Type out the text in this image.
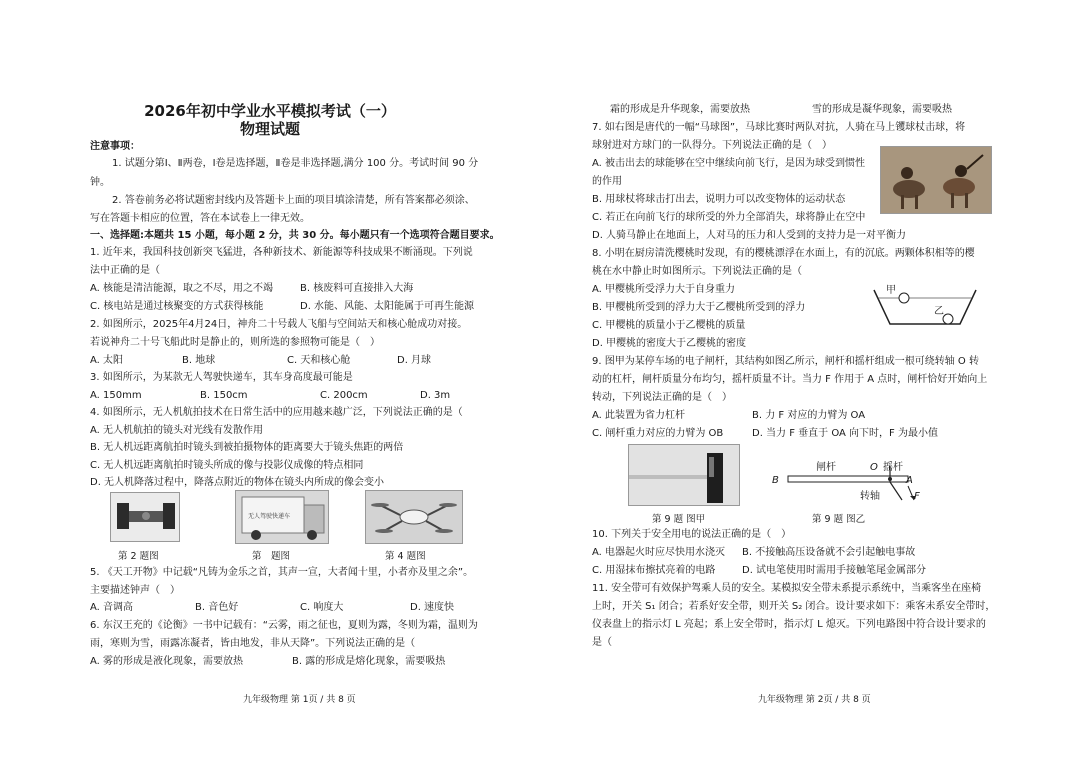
2026年初中学业水平模拟考试（一）
物理试题
注意事项：
1. 试题分第Ⅰ、Ⅱ两卷，Ⅰ卷是选择题，Ⅱ卷是非选择题,满分 100 分。考试时间 90 分
钟。
2. 答卷前务必将试题密封线内及答题卡上面的项目填涂清楚，所有答案都必须涂、
写在答题卡相应的位置，答在本试卷上一律无效。
一、选择题:本题共 15 小题，每小题 2 分，共 30 分。每小题只有一个选项符合题目要求。
1. 近年来，我国科技创新突飞猛进，各种新技术、新能源等科技成果不断涌现。下列说
法中正确的是（
A. 核能是清洁能源，取之不尽，用之不竭	B. 核废料可直接排入大海
C. 核电站是通过核聚变的方式获得核能	D. 水能、风能、太阳能属于可再生能源
2. 如图所示，2025年4月24日，神舟二十号载人飞船与空间站天和核心舱成功对接。
若说神舟二十号飞船此时是静止的，则所选的参照物可能是（　）
A. 太阳	B. 地球	C. 天和核心舱	D. 月球
3. 如图所示，为某款无人驾驶快递车，其车身高度最可能是
A. 150mm	B. 150cm	C. 200cm	D. 3m
4. 如图所示，无人机航拍技术在日常生活中的应用越来越广泛，下列说法正确的是（
A. 无人机航拍的镜头对光线有发散作用
B. 无人机远距离航拍时镜头到被拍摄物体的距离要大于镜头焦距的两倍
C. 无人机远距离航拍时镜头所成的像与投影仪成像的特点相同
D. 无人机降落过程中，降落点附近的物体在镜头内所成的像会变小
第 2 题图
无人驾驶快递车
第　题图	第 4 题图
5. 《天工开物》中记载“凡铸为金乐之首，其声一宣，大者闻十里，小者亦及里之余”。
主要描述钟声（　）
A. 音调高	B. 音色好	C. 响度大	D. 速度快
6. 东汉王充的《论衡》一书中记载有：“云雾，雨之征也，夏则为露，冬则为霜，温则为
雨，寒则为雪，雨露冻凝者，皆由地发，非从天降”。下列说法正确的是（
A. 雾的形成是液化现象，需要放热	B. 露的形成是熔化现象，需要吸热
九年级物理 第 1页 / 共 8 页
霜的形成是升华现象，需要放热	雪的形成是凝华现象，需要吸热
7. 如右图是唐代的一幅“马球图”，马球比赛时两队对抗，人骑在马上䦆球杖击球，将
球射进对方球门的一队得分。下列说法正确的是（　）
A. 被击出去的球能够在空中继续向前飞行，是因为球受到惯性
的作用
B. 用球杖将球击打出去，说明力可以改变物体的运动状态
C. 若正在向前飞行的球所受的外力全部消失，球将静止在空中
D. 人骑马静止在地面上，人对马的压力和人受到的支持力是一对平衡力
8. 小明在厨房清洗樱桃时发现，有的樱桃漂浮在水面上，有的沉底。两颗体积相等的樱
桃在水中静止时如图所示。下列说法正确的是（
A. 甲樱桃所受浮力大于自身重力
B. 甲樱桃所受到的浮力大于乙樱桃所受到的浮力
C. 甲樱桃的质量小于乙樱桃的质量
D. 甲樱桃的密度大于乙樱桃的密度
甲
乙
9. 图甲为某停车场的电子闸杆，其结构如图乙所示，闸杆和摇杆组成一根可绕转轴 O 转
动的杠杆，闸杆质量分布均匀，摇杆质量不计。当力 F 作用于 A 点时，闸杆恰好开始向上
转动，下列说法正确的是（　）
A. 此装置为省力杠杆	B. 力 F 对应的力臂为 OA
C. 闸杆重力对应的力臂为 OB	D. 当力 F 垂直于 OA 向下时，F 为最小值
第 9 题 图甲
闸杆	O 摇杆
B	A
转轴	F
第 9 题 图乙
10. 下列关于安全用电的说法正确的是（　）
A. 电器起火时应尽快用水浇灭 B. 不接触高压设备就不会引起触电事故
C. 用湿抹布擦拭亮着的电路	D. 试电笔使用时需用手接触笔尾金属部分
11. 安全带可有效保护驾乘人员的安全。某模拟安全带未系提示系统中，当乘客坐在座椅
上时，开关 S₁ 闭合；若系好安全带，则开关 S₂ 闭合。设计要求如下：乘客未系安全带时，
仪表盘上的指示灯 L 亮起；系上安全带时，指示灯 L 熄灭。下列电路图中符合设计要求的
是（
九年级物理 第 2页 / 共 8 页
